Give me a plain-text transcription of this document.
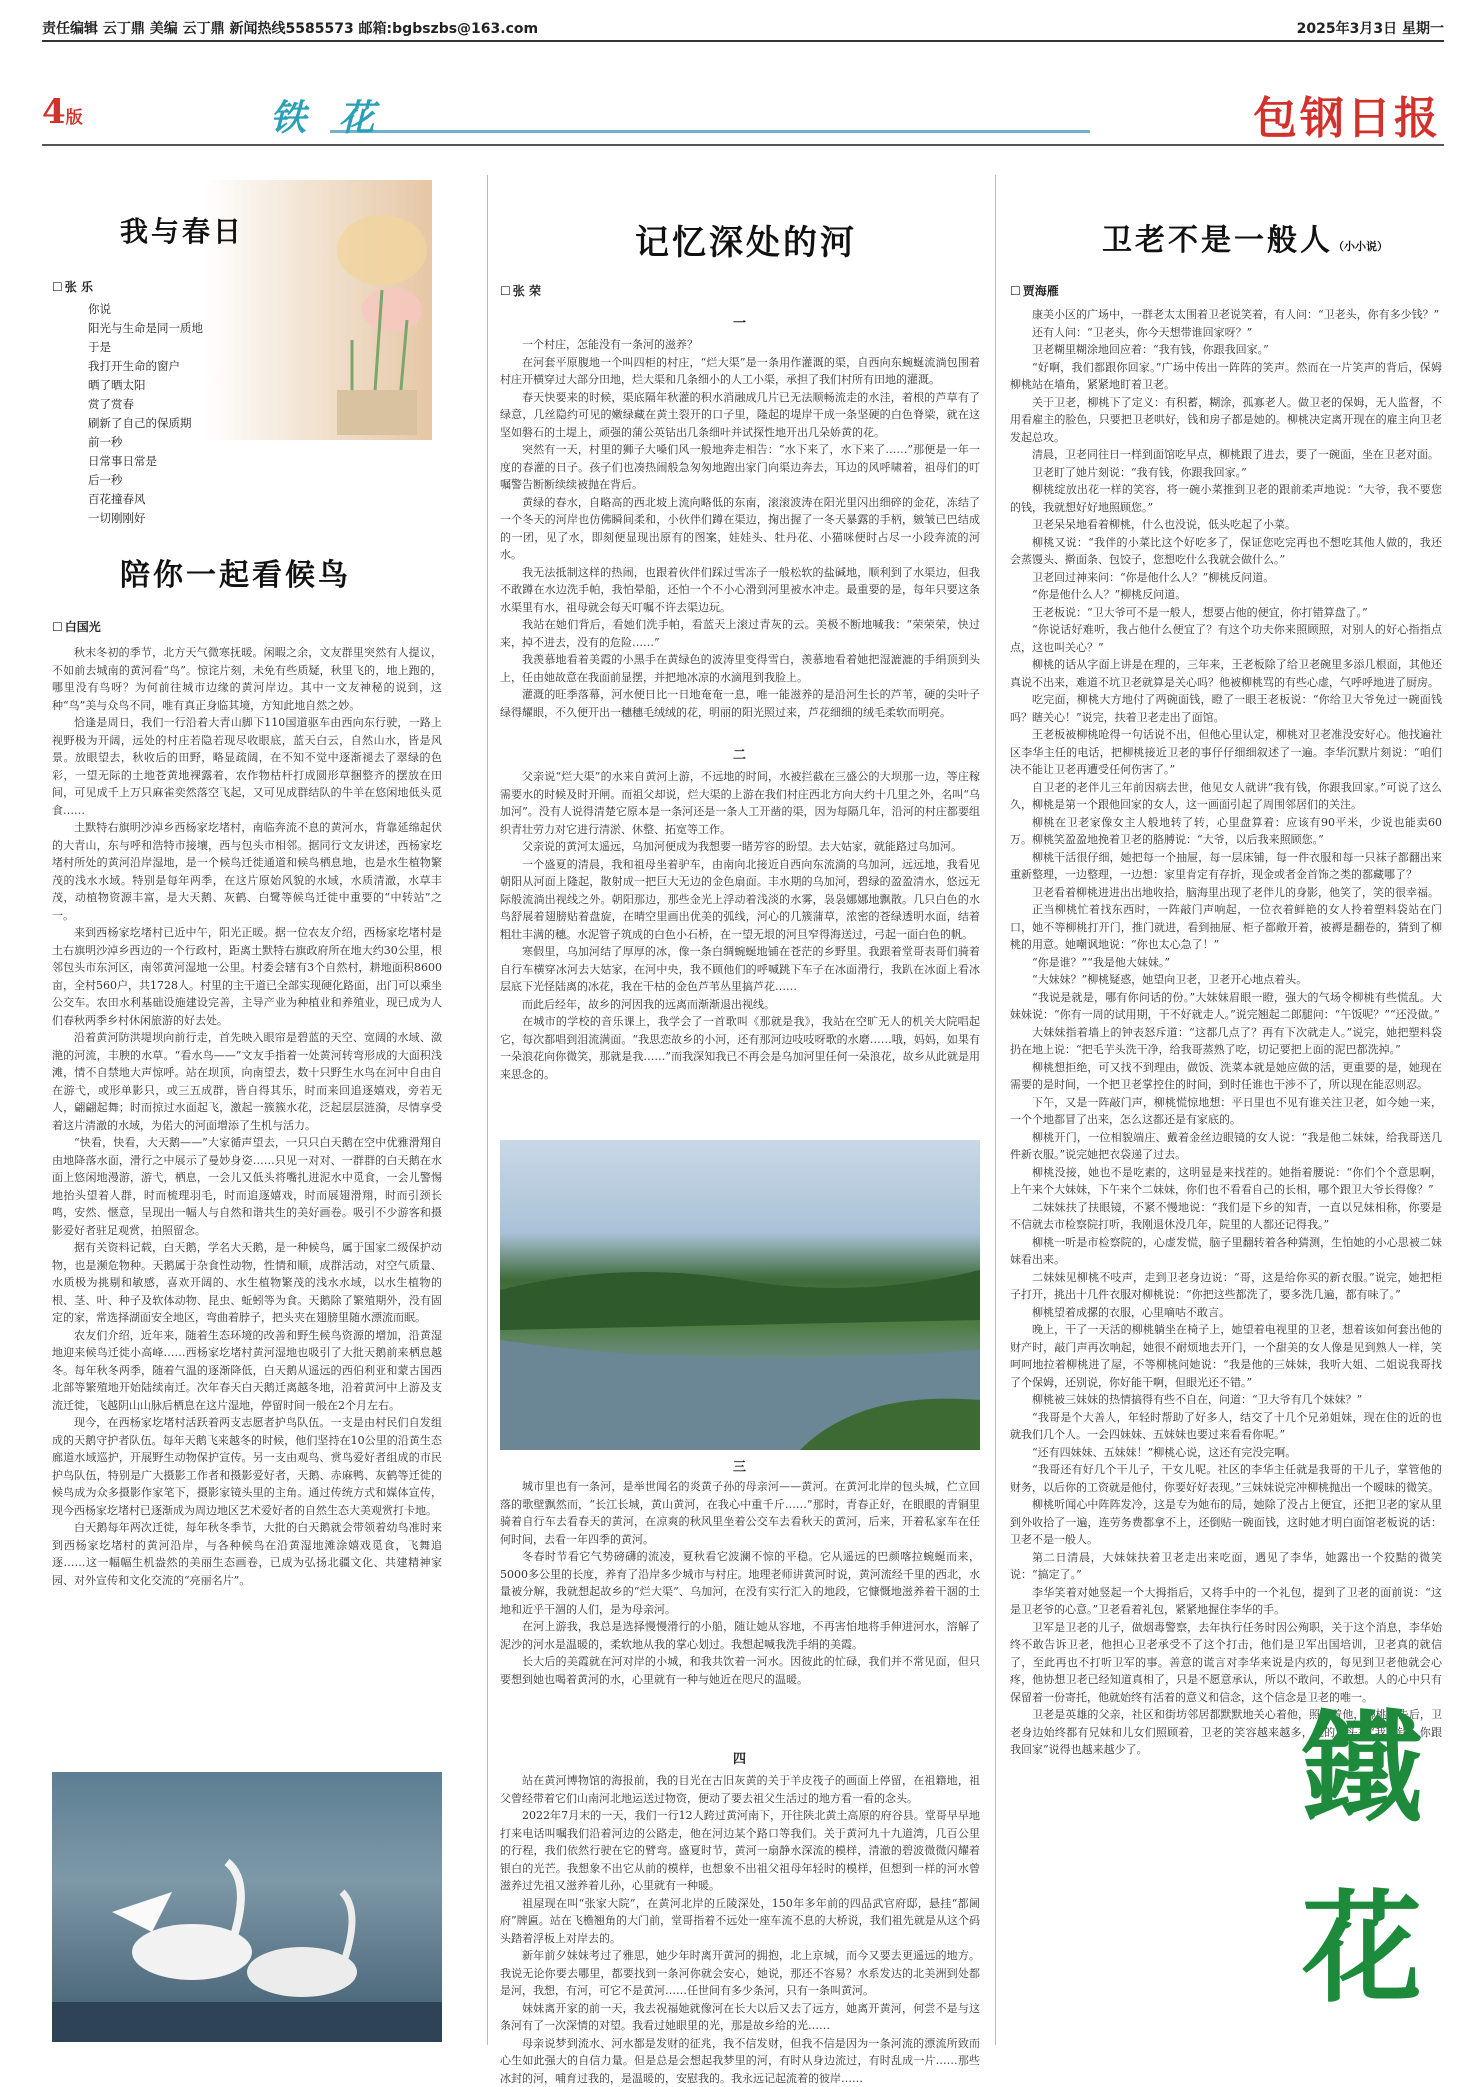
责任编辑 云丁鼎 美编 云丁鼎 新闻热线5585573 邮箱:bgbszbs@163.com	2025年3月3日 星期一
4版	铁 花	包钢日报
我与春日
☐ 张 乐
你说
阳光与生命是同一质地
于是
我打开生命的窗户
晒了晒太阳
赏了赏春
刷新了自己的保质期
前一秒
日常事日常是
后一秒
百花撞春风
一切刚刚好
陪你一起看候鸟
☐ 白国光

秋末冬初的季节，北方天气微寒抚暖。闲暇之余，文友群里突然有人提议，不如前去城南的黄河看“鸟”。惊诧片刻，未免有些质疑，秋里飞的，地上跑的，哪里没有鸟呀？为何前往城市边缘的黄河岸边。其中一文友神秘的说到，这种“鸟”美与众鸟不同，唯有真正身临其境，方知此地自然之妙。

恰逢是周日，我们一行沿着大青山脚下110国道驱车由西向东行驶，一路上视野极为开阔，远处的村庄若隐若现尽收眼底，蓝天白云，自然山水，皆是风景。放眼望去，秋收后的田野，略显疏阔，在不知不觉中逐渐褪去了翠绿的色彩，一望无际的土地苍黄地裸露着，农作物枯杆打成圆形草捆整齐的摆放在田间，可见成千上万只麻雀奕然落空飞起，又可见成群结队的牛羊在悠闲地低头觅食……

土默特右旗明沙淖乡西杨家圪堵村，南临奔流不息的黄河水，背靠延绵起伏的大青山，东与呼和浩特市接壤，西与包头市相邻。据同行文友讲述，西杨家圪堵村所处的黄河沿岸湿地，是一个候鸟迁徙通道和候鸟栖息地，也是水生植物繁茂的浅水水域。特别是每年两季，在这片原始风貌的水域，水质清澈，水草丰茂，动植物资源丰富，是大天鹅、灰鹤、白鹭等候鸟迁徙中重要的“中转站”之一。

来到西杨家圪堵村已近中午，阳光正暖。据一位农友介绍，西杨家圪堵村是土右旗明沙淖乡西边的一个行政村，距离土默特右旗政府所在地大约30公里，根邻包头市东河区，南邻黄河湿地一公里。村委会辖有3个自然村，耕地面积8600亩，全村560户，共1728人。村里的主干道已全部实现硬化路面，出门可以乘坐公交车。农田水利基础设施建设完善，主导产业为种植业和养殖业，现已成为人们春秋两季乡村休闲旅游的好去处。

沿着黄河防洪堤坝向前行走，首先映入眼帘是碧蓝的天空、宽阔的水域、潋滟的河流，丰腴的水草。“看水鸟——”文友手指着一处黄河转弯形成的大面积浅滩，情不自禁地大声惊呼。站在坝顶，向南望去，数十只野生水鸟在河中自由自在游弋，或形单影只，或三五成群，皆自得其乐，时而来回追逐嬉戏，旁若无人，翩翩起舞；时而掠过水面起飞，激起一簇簇水花，泛起层层涟漪，尽情享受着这片清澈的水域，为偌大的河面增添了生机与活力。

“快看，快看，大天鹅——”大家循声望去，一只只白天鹅在空中优雅滑翔自由地降落水面，滑行之中展示了曼妙身姿……只见一对对、一群群的白天鹅在水面上悠闲地漫游，游弋，栖息，一会儿又低头将嘴扎进泥水中觅食，一会儿警惕地抬头望着人群，时而梳理羽毛，时而追逐嬉戏，时而展翅滑翔，时而引颈长鸣，安然、惬意，呈现出一幅人与自然和谐共生的美好画卷。吸引不少游客和摄影爱好者驻足观赏，拍照留念。

据有关资料记载，白天鹅，学名大天鹅，是一种候鸟，属于国家二级保护动物，也是濒危物种。天鹅属于杂食性动物，性情和顺，成群活动，对空气质量、水质极为挑剔和敏感，喜欢开阔的、水生植物繁茂的浅水水域，以水生植物的根、茎、叶、种子及软体动物、昆虫、蚯蚓等为食。天鹅除了繁殖期外，没有固定的家，常选择湖面安全地区，弯曲着脖子，把头夹在翅膀里随水漂流而眠。

农友们介绍，近年来，随着生态环境的改善和野生候鸟资源的增加，沿黄湿地迎来候鸟迁徙小高峰……西杨家圪堵村黄河湿地也吸引了大批天鹅前来栖息越冬。每年秋冬两季，随着气温的逐渐降低，白天鹅从遥远的西伯利亚和蒙古国西北部等繁殖地开始陆续南迁。次年春天白天鹅迁离越冬地，沿着黄河中上游及支流迁徙，飞越阴山山脉后栖息在这片湿地，停留时间一般在2个月左右。

现今，在西杨家圪堵村活跃着两支志愿者护鸟队伍。一支是由村民们自发组成的天鹅守护者队伍。每年天鹅飞来越冬的时候，他们坚持在10公里的沿黄生态廊道水域巡护，开展野生动物保护宣传。另一支由观鸟、赏鸟爱好者组成的市民护鸟队伍，特别是广大摄影工作者和摄影爱好者，天鹅、赤麻鸭、灰鹤等迁徙的候鸟成为众多摄影作家笔下，摄影家镜头里的主角。通过传统方式和媒体宣传，现今西杨家圪堵村已逐渐成为周边地区艺术爱好者的自然生态大美观赏打卡地。

白天鹅每年两次迁徙，每年秋冬季节，大批的白天鹅就会带领着幼鸟准时来到西杨家圪堵村的黄河沿岸，与各种候鸟在沿黄湿地滩涂嬉戏觅食，飞舞追逐……这一幅幅生机盎然的美丽生态画卷，已成为弘扬北疆文化、共建精神家园、对外宣传和文化交流的“亮丽名片”。

记忆深处的河
☐ 张 荣
一

一个村庄，怎能没有一条河的滋养？

在河套平原腹地一个叫四柜的村庄，“烂大渠”是一条用作灌溉的渠，自西向东蜿蜒流淌包围着村庄开横穿过大部分田地，烂大渠和几条细小的人工小渠，承担了我们村所有田地的灌溉。

春天快要来的时候，渠底隔年秋灌的积水消融成几片已无法顺畅流走的水洼，着根的芦草有了绿意，几丝隐约可见的嫩绿藏在黄土裂开的口子里，隆起的堤岸干成一条坚硬的白色脊梁，就在这坚如磐石的土堤上，顽强的蒲公英钻出几条细叶并试探性地开出几朵娇黄的花。

突然有一天，村里的狮子大嗓们风一般地奔走相告：“水下来了，水下来了……”那便是一年一度的春灌的日子。孩子们也凑热闹般急匆匆地跑出家门向渠边奔去，耳边的风呼啸着，祖母们的叮嘱警告断断续续被抛在背后。

黄绿的春水，自略高的西北坡上流向略低的东南，滚滚波涛在阳光里闪出细碎的金花，冻结了一个冬天的河岸也仿佛瞬间柔和，小伙伴们蹲在渠边，掬出握了一冬天暴露的手柄，皴皱已巴结成的一团，见了水，即刻便显现出原有的图案，娃娃头、牡丹花、小猫咪便时占尽一小段奔流的河水。

我无法抵制这样的热闹，也跟着伙伴们踩过雪冻子一般松软的盐碱地，顺利到了水渠边，但我不敢蹲在水边洗手帕，我怕晕船，还怕一个不小心滑到河里被水冲走。最重要的是，每年只要这条水渠里有水，祖母就会每天叮嘱不许去渠边玩。

我站在她们背后，看她们洗手帕，看蓝天上滚过青灰的云。美极不断地喊我：“荣荣荣，快过来，掉不进去，没有的危险……”

我羡慕地看着美霞的小黑手在黄绿色的波涛里变得雪白，羡慕地看着她把湿漉漉的手绢顶到头上，任由她故意在我面前显摆，并把地冰凉的水滴甩到我脸上。

灌溉的旺季落幕，河水便日比一日地奄奄一息，唯一能滋养的是沿河生长的芦苇，硬的尖叶子绿得耀眼，不久便开出一穗穗毛绒绒的花，明丽的阳光照过来，芦花细细的绒毛柔软而明亮。

二

父亲说“烂大渠”的水来自黄河上游，不远地的时间，水被拦截在三盛公的大坝那一边，等庄稼需要水的时候及时开闸。而祖父却说，烂大渠的上游在我们村庄西北方向大约十几里之外，名叫“乌加河”。没有人说得清楚它原本是一条河还是一条人工开凿的渠，因为每隔几年，沿河的村庄都要组织青壮劳力对它进行清淤、休整、拓宽等工作。

父亲说的黄河太遥远，乌加河便成为我想要一睹芳容的盼望。去大姑家，就能路过乌加河。

一个盛夏的清晨，我和祖母坐着驴车，由南向北接近自西向东流淌的乌加河，远远地，我看见朝阳从河面上隆起，散射成一把巨大无边的金色扇面。丰水期的乌加河，碧绿的盈盈清水，悠远无际般流淌出视线之外。朝阳那边，那些金光上浮动着浅淡的水雾，袅袅娜娜地飘散。几只白色的水鸟舒展着翅膀贴着盘旋，在晴空里画出优美的弧线，河心的几簇蒲草，浓密的苍绿透明水面，结着粗壮丰满的穗。水泥管子筑成的白色小石桥，在一望无垠的河旦窄得海送过，弓起一面白色的帆。

寒假里，乌加河结了厚厚的冰，像一条白绸蜿蜒地铺在苍茫的乡野里。我跟着堂哥表哥们骑着自行车横穿冰河去大姑家，在河中央，我不顾他们的呼喊跳下车子在冰面滑行，我趴在冰面上看冰层底下光怪陆离的冰花，我在干枯的金色芦苇丛里搞芦花……

而此后经年，故乡的河因我的远离而渐渐退出视线。

在城市的学校的音乐课上，我学会了一首歌叫《那就是我》，我站在空旷无人的机关大院唱起它，每次都唱到泪流满面。“我思恋故乡的小河，还有那河边吱吱呀歌的水磨……哦，妈妈，如果有一朵浪花向你微笑，那就是我……”而我深知我已不再会是乌加河里任何一朵浪花，故乡从此就是用来思念的。

三

城市里也有一条河，是举世闻名的炎黄子孙的母亲河——黄河。在黄河北岸的包头城，伫立回落的歌壁飘然而，“长江长城，黄山黄河，在我心中重千斤……”那时，青春正好，在眼眼的青铜里骑着自行车去看春天的黄河，在凉爽的秋风里坐着公交车去看秋天的黄河，后来，开着私家车在任何时间，去看一年四季的黄河。

冬春时节看它气势磅礴的流凌，夏秋看它波澜不惊的平稳。它从遥远的巴颜喀拉蜿蜒而来，5000多公里的长度，养育了沿岸多少城市与村庄。地理老师讲黄河时说，黄河流经千里的西北，水量被分解，我就想起故乡的“烂大渠”、乌加河，在没有实行汇入的地段，它慷慨地滋养着干涸的土地和近乎干涸的人们，是为母亲河。

在河上游我，我总是选择慢慢滑行的小船，随让她从容地，不再害怕地将手伸进河水，溶解了泥沙的河水是温暖的，柔软地从我的掌心划过。我想起喊我洗手绢的美霞。

长大后的美霞就在河对岸的小城，和我共饮着一河水。因彼此的忙碌，我们并不常见面，但只要想到她也喝着黄河的水，心里就有一种与她近在咫尺的温暖。

四

站在黄河博物馆的海报前，我的目光在古旧灰黄的关于羊皮筏子的画面上停留，在祖籍地，祖父曾经带着它们山南河北地运送过物资，便动了要去祖父生活过的地方看一看的念头。

2022年7月末的一天，我们一行12人跨过黄河南下，开往陕北黄土高原的府谷县。堂哥早早地打来电话叫嘱我们沿着河边的公路走，他在河边某个路口等我们。关于黄河九十九道湾，几百公里的行程，我们依然行驶在它的臂弯。盛夏时节，黄河一扇静水深流的模样，清澈的碧波微微闪耀着银白的光芒。我想象不出它从前的模样，也想象不出祖父祖母年轻时的模样，但想到一样的河水曾滋养过先祖又滋养着儿孙，心里就有一种暖。

祖屋现在叫“张家大院”，在黄河北岸的丘陵深处，150年多年前的四品武官府邸，悬挂“都阃府”牌匾。站在飞檐翘角的大门前，堂哥指着不远处一座车流不息的大桥说，我们祖先就是从这个码头踏着浮板上对岸去的。

新年前夕妹妹考过了雅思，她少年时离开黄河的拥抱，北上京城，而今又要去更遥远的地方。我说无论你要去哪里，都要找到一条河你就会安心，她说，那还不容易？水系发达的北美洲到处都是河，我想，有河，可它不是黄河……任世间有多少条河，只有一条叫黄河。

妹妹离开家的前一天，我去祝福她就像河在长大以后又去了远方，她离开黄河，何尝不是与这条河有了一次深情的对望。我看过她眼里的光，那是故乡给的光……

母亲说梦到流水、河水都是发财的征兆，我不信发财，但我不信是因为一条河流的漂流所致而心生如此强大的自信力量。但是总是会想起我梦里的河，有时从身边流过，有时乱成一片……那些冰封的河，哺育过我的，是温暖的，安慰我的。我永远记起流着的彼岸……

卫老不是一般人（小小说）
☐ 贾海雁

康美小区的广场中，一群老太太围着卫老说笑着，有人问：“卫老头，你有多少钱？”

还有人问：“卫老头，你今天想带谁回家呀？”

卫老糊里糊涂地回应着：“我有钱，你跟我回家。”

“好啊，我们都跟你回家。”广场中传出一阵阵的笑声。然而在一片笑声的背后，保姆柳桃站在墙角，紧紧地盯着卫老。

关于卫老，柳桃下了定义：有积蓄，糊涂，孤寡老人。做卫老的保姆，无人监督，不用看雇主的脸色，只要把卫老哄好，钱和房子都是她的。柳桃决定离开现在的雇主向卫老发起总攻。

清晨，卫老同往日一样到面馆吃早点，柳桃跟了进去，要了一碗面，坐在卫老对面。

卫老盯了她片刻说：“我有钱，你跟我回家。”

柳桃绽放出花一样的笑容，将一碗小菜推到卫老的跟前柔声地说：“大爷，我不要您的钱，我就想好好地照顾您。”

卫老呆呆地看着柳桃，什么也没说，低头吃起了小菜。

柳桃又说：“我伴的小菜比这个好吃多了，保证您吃完再也不想吃其他人做的，我还会蒸馒头、擀面条、包饺子，您想吃什么我就会做什么。”

卫老回过神来问：“你是他什么人？”柳桃反问道。

“你是他什么人？”柳桃反问道。

王老板说：“卫大爷可不是一般人，想要占他的便宜，你打错算盘了。”

“你说话好难听，我占他什么便宜了？有这个功夫你来照顾照，对别人的好心指指点点，这也叫关心？”

柳桃的话从字面上讲是在理的，三年来，王老板除了给卫老碗里多添几根面，其他还真说不出来，难道不坑卫老就算是关心吗？他被柳桃骂的有些心虚，气呼呼地进了厨房。

吃完面，柳桃大方地付了两碗面钱，瞪了一眼王老板说：“你给卫大爷免过一碗面钱吗？瞎关心！”说完，扶着卫老走出了面馆。

王老板被柳桃呛得一句话说不出，但他心里认定，柳桃对卫老准没安好心。他找遍社区李华主任的电话，把柳桃接近卫老的事仔仔细细叙述了一遍。李华沉默片刻说：“咱们决不能让卫老再遭受任何伤害了。”

自卫老的老伴儿三年前因病去世，他见女人就讲“我有钱，你跟我回家。”可说了这么久，柳桃是第一个跟他回家的女人，这一画面引起了周围邻居们的关注。

柳桃在卫老家像女主人般地转了转，心里盘算着：应该有90平米，少说也能卖60万。柳桃笑盈盈地挽着卫老的胳膊说：“大爷，以后我来照顾您。”

柳桃干活很仔细，她把每一个抽屉，每一层床铺，每一件衣服和每一只袜子都翻出来重新整理，一边整理，一边想：家里肯定有存折，现金或者金首饰之类的都藏哪了？

卫老看着柳桃进进出出地收拾，脑海里出现了老伴儿的身影，他笑了，笑的很幸福。

正当柳桃忙着找东西时，一阵敲门声响起，一位衣着鲜艳的女人拎着塑料袋站在门口，她不等柳桃打开门，推门就进，看到抽屉、柜子都敞开着，被褥是翻卷的，猜到了柳桃的用意。她嘲讽地说：“你也太心急了！”

“你是谁？”“我是他大妹妹。”

“大妹妹？”柳桃疑惑，她望向卫老，卫老开心地点着头。

“我说是就是，哪有你问话的份。”大妹妹眉眼一瞪，强大的气场令柳桃有些慌乱。大妹妹说：“你有一周的试用期，干不好就走人。”说完翘起二郎腿问：“午饭呢？”“还没做。”

大妹妹指着墙上的钟表怒斥道：“这都几点了？再有下次就走人。”说完，她把塑料袋扔在地上说：“把毛芋头洗干净，给我哥蒸熟了吃，切记要把上面的泥巴都洗掉。”

柳桃想拒绝，可又找不到理由，做饭、洗菜本就是她应做的活，更重要的是，她现在需要的是时间，一个把卫老掌控住的时间，到时任谁也干涉不了，所以现在能忍则忍。

下午，又是一阵敲门声，柳桃慌惊地想：平日里也不见有谁关注卫老，如今她一来，一个个地都冒了出来，怎么这都还是有家底的。

柳桃开门，一位相貌端庄、戴着金丝边眼镜的女人说：“我是他二妹妹，给我哥送几件新衣服。”说完她把衣袋递了过去。

柳桃没接，她也不是吃素的，这明显是来找茬的。她指着腰说：“你们个个意思啊，上午来个大妹妹，下午来个二妹妹，你们也不看看自己的长相，哪个跟卫大爷长得像？”

二妹妹扶了扶眼镜，不紧不慢地说：“我们是下乡的知青，一直以兄妹相称，你要是不信就去市检察院打听，我刚退休没几年，院里的人都还记得我。”

柳桃一听是市检察院的，心虚发慌，脑子里翻转着各种猜测，生怕她的小心思被二妹妹看出来。

二妹妹见柳桃不吱声，走到卫老身边说：“哥，这是给你买的新衣服。”说完，她把柜子打开，挑出十几件衣服对柳桃说：“你把这些都洗了，要多洗几遍，都有味了。”

柳桃望着成摞的衣服，心里嘀咕不敢言。

晚上，干了一天活的柳桃躺坐在椅子上，她望着电视里的卫老，想着该如何套出他的财产时，敲门声再次响起，她很不耐烦地去开门，一个甜美的女人像是见到熟人一样，笑呵呵地拉着柳桃进了屋，不等柳桃问她说：“我是他的三妹妹，我听大姐、二姐说我哥找了个保姆，还别说，你好能干啊，但眼光还不错。”

柳桃被三妹妹的热情搞得有些不自在，问道：“卫大爷有几个妹妹？”

“我哥是个大善人，年轻时帮助了好多人，结交了十几个兄弟姐妹，现在住的近的也就我们几个人。一会四妹妹、五妹妹也要过来看看你呢。”

“还有四妹妹、五妹妹！”柳桃心说，这还有完没完啊。

“我哥还有好几个干儿子，干女儿呢。社区的李华主任就是我哥的干儿子，掌管他的财务，以后你的工资就是他付，你要好好表现。”三妹妹说完冲柳桃抛出一个暧昧的微笑。

柳桃听闻心中阵阵发冷，这是专为她布的局，她除了没占上便宜，还把卫老的家从里到外收拾了一遍，连劳务费都拿不上，还倒贴一碗面钱，这时她才明白面馆老板说的话：卫老不是一般人。

第二日清晨，大妹妹扶着卫老走出来吃面，遇见了李华，她露出一个狡黠的微笑说：“搞定了。”

李华笑着对她竖起一个大拇指后，又将手中的一个礼包，提到了卫老的面前说：“这是卫老爷的心意。”卫老看着礼包，紧紧地握住李华的手。

卫军是卫老的儿子，做烟毒警察，去年执行任务时因公殉职，关于这个消息，李华始终不敢告诉卫老，他担心卫老承受不了这个打击，他们是卫军出国培训，卫老真的就信了，至此再也不打听卫军的事。善意的谎言对李华来说是内疚的，每见到卫老他就会心疼，他协想卫老已经知道真相了，只是不愿意承认，所以不敢问，不敢想。人的心中只有保留着一份寄托，他就始终有活着的意义和信念，这个信念是卫老的唯一。

卫老是英雄的父亲，社区和街坊邻居都默默地关心着他，照顾着他，柳桃消失后，卫老身边始终都有兄妹和儿女们照顾着，卫老的笑容越来越多，他的口头禅“我有钱，你跟我回家”说得也越来越少了。	鐵
花
